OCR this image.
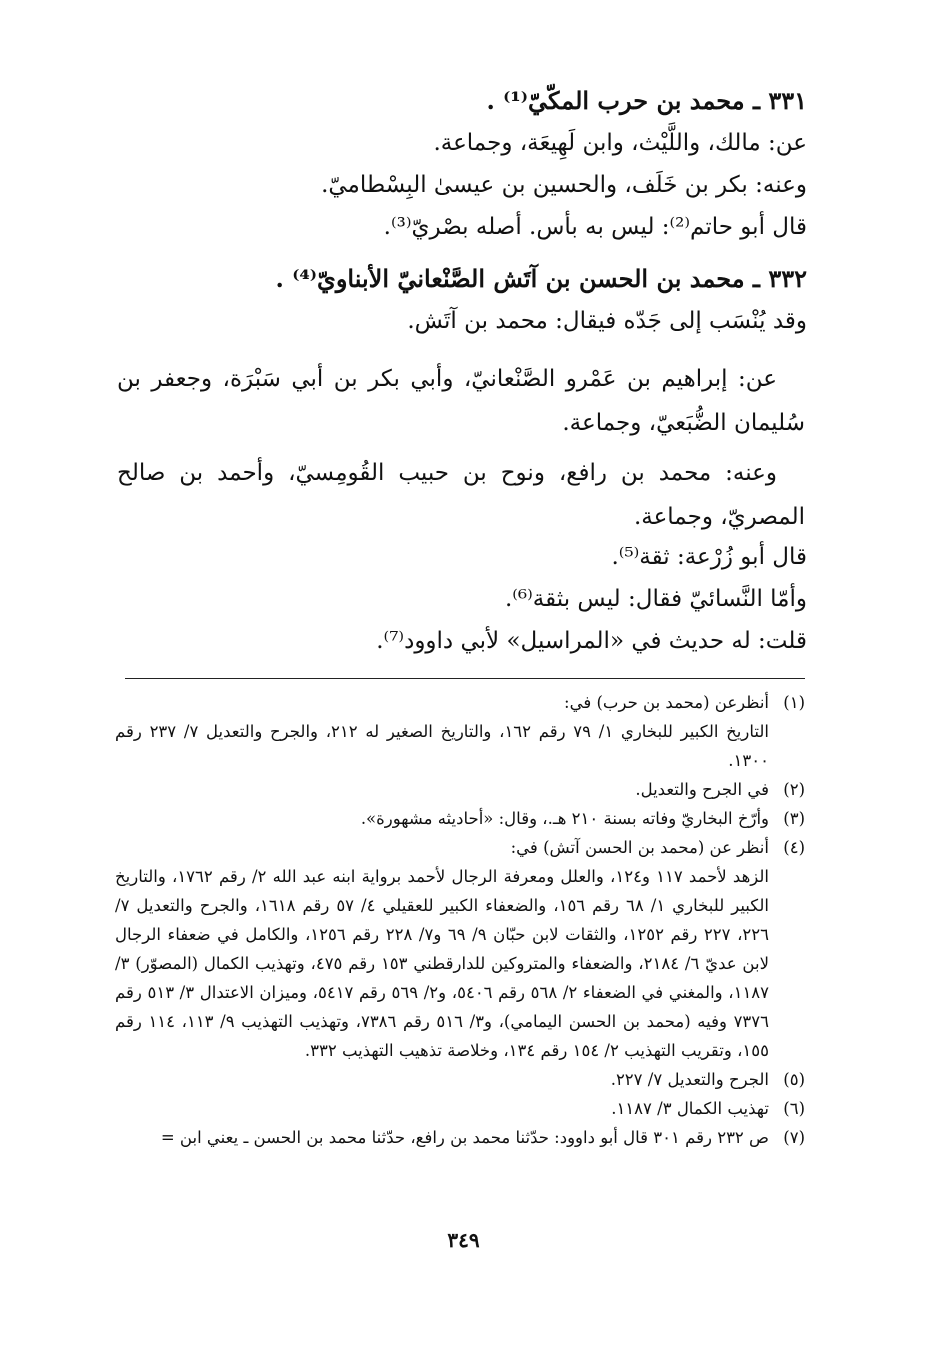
٣٣١ ـ محمد بن حرب المكّيّ⁽¹⁾ .
عن: مالك، واللَّيْث، وابن لَهِيعَة، وجماعة.
وعنه: بكر بن خَلَف، والحسين بن عيسىٰ البِسْطاميّ.
قال أبو حاتم⁽²⁾: ليس به بأس. أصله بصْريّ⁽³⁾.
٣٣٢ ـ محمد بن الحسن بن آتَش الصَّنْعانيّ الأبناويّ⁽⁴⁾ .
وقد يُنْسَب إلى جَدّه فيقال: محمد بن آتَش.
عن: إبراهيم بن عَمْرو الصَّنْعانيّ، وأبي بكر بن أبي سَبْرَة، وجعفر بن سُليمان الضُّبَعيّ، وجماعة.
وعنه: محمد بن رافع، ونوح بن حبيب القُومِسيّ، وأحمد بن صالح المصريّ، وجماعة.
قال أبو زُرْعة: ثقة⁽⁵⁾.
وأمّا النَّسائيّ فقال: ليس بثقة⁽⁶⁾.
قلت: له حديث في «المراسيل» لأبي داوود⁽⁷⁾.
(١)
أنظرعن (محمد بن حرب) في:
التاريخ الكبير للبخاري ١/ ٧٩ رقم ١٦٢، والتاريخ الصغير له ٢١٢، والجرح والتعديل ٧/ ٢٣٧ رقم ١٣٠٠.
(٢)
في الجرح والتعديل.
(٣)
وأرّخ البخاريّ وفاته بسنة ٢١٠ هـ.، وقال: «أحاديثه مشهورة».
(٤)
أنظر عن (محمد بن الحسن آتش) في:
الزهد لأحمد ١١٧ و١٢٤، والعلل ومعرفة الرجال لأحمد برواية ابنه عبد الله ٢/ رقم ١٧٦٢، والتاريخ الكبير للبخاري ١/ ٦٨ رقم ١٥٦، والضعفاء الكبير للعقيلي ٤/ ٥٧ رقم ١٦١٨، والجرح والتعديل ٧/ ٢٢٦، ٢٢٧ رقم ١٢٥٢، والثقات لابن حبّان ٩/ ٦٩ و٧/ ٢٢٨ رقم ١٢٥٦، والكامل في ضعفاء الرجال لابن عديّ ٦/ ٢١٨٤، والضعفاء والمتروكين للدارقطني ١٥٣ رقم ٤٧٥، وتهذيب الكمال (المصوّر) ٣/ ١١٨٧، والمغني في الضعفاء ٢/ ٥٦٨ رقم ٥٤٠٦، و٢/ ٥٦٩ رقم ٥٤١٧، وميزان الاعتدال ٣/ ٥١٣ رقم ٧٣٧٦ وفيه (محمد بن الحسن اليمامي)، و٣/ ٥١٦ رقم ٧٣٨٦، وتهذيب التهذيب ٩/ ١١٣، ١١٤ رقم ١٥٥، وتقريب التهذيب ٢/ ١٥٤ رقم ١٣٤، وخلاصة تذهيب التهذيب ٣٣٢.
(٥)
الجرح والتعديل ٧/ ٢٢٧.
(٦)
تهذيب الكمال ٣/ ١١٨٧.
(٧)
ص ٢٣٢ رقم ٣٠١ قال أبو داوود: حدّثنا محمد بن رافع، حدّثنا محمد بن الحسن ـ يعني ابن =
٣٤٩
